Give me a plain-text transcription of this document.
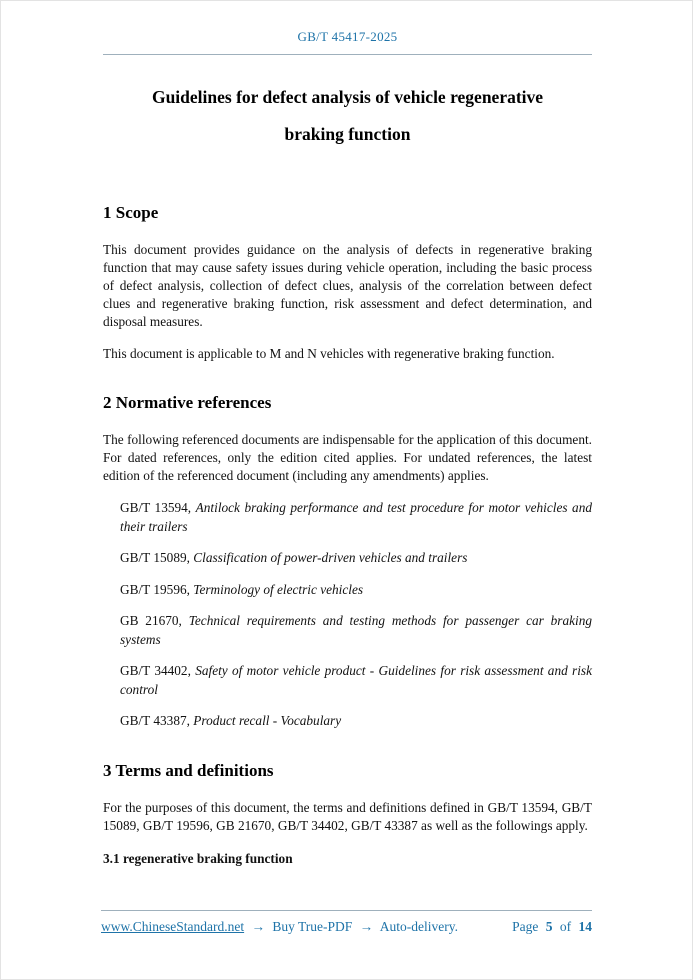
GB/T 45417-2025
Guidelines for defect analysis of vehicle regenerative
braking function
1 Scope

This document provides guidance on the analysis of defects in regenerative braking function that may cause safety issues during vehicle operation, including the basic process of defect analysis, collection of defect clues, analysis of the correlation between defect clues and regenerative braking function, risk assessment and defect determination, and disposal measures.

This document is applicable to M and N vehicles with regenerative braking function.

2 Normative references

The following referenced documents are indispensable for the application of this document. For dated references, only the edition cited applies. For undated references, the latest edition of the referenced document (including any amendments) applies.

GB/T 13594, Antilock braking performance and test procedure for motor vehicles and their trailers

GB/T 15089, Classification of power-driven vehicles and trailers

GB/T 19596, Terminology of electric vehicles

GB 21670, Technical requirements and testing methods for passenger car braking systems

GB/T 34402, Safety of motor vehicle product - Guidelines for risk assessment and risk control

GB/T 43387, Product recall - Vocabulary

3 Terms and definitions

For the purposes of this document, the terms and definitions defined in GB/T 13594, GB/T 15089, GB/T 19596, GB 21670, GB/T 34402, GB/T 43387 as well as the followings apply.

3.1 regenerative braking function

www.ChineseStandard.net → Buy True-PDF → Auto-delivery.	Page 5 of 14
